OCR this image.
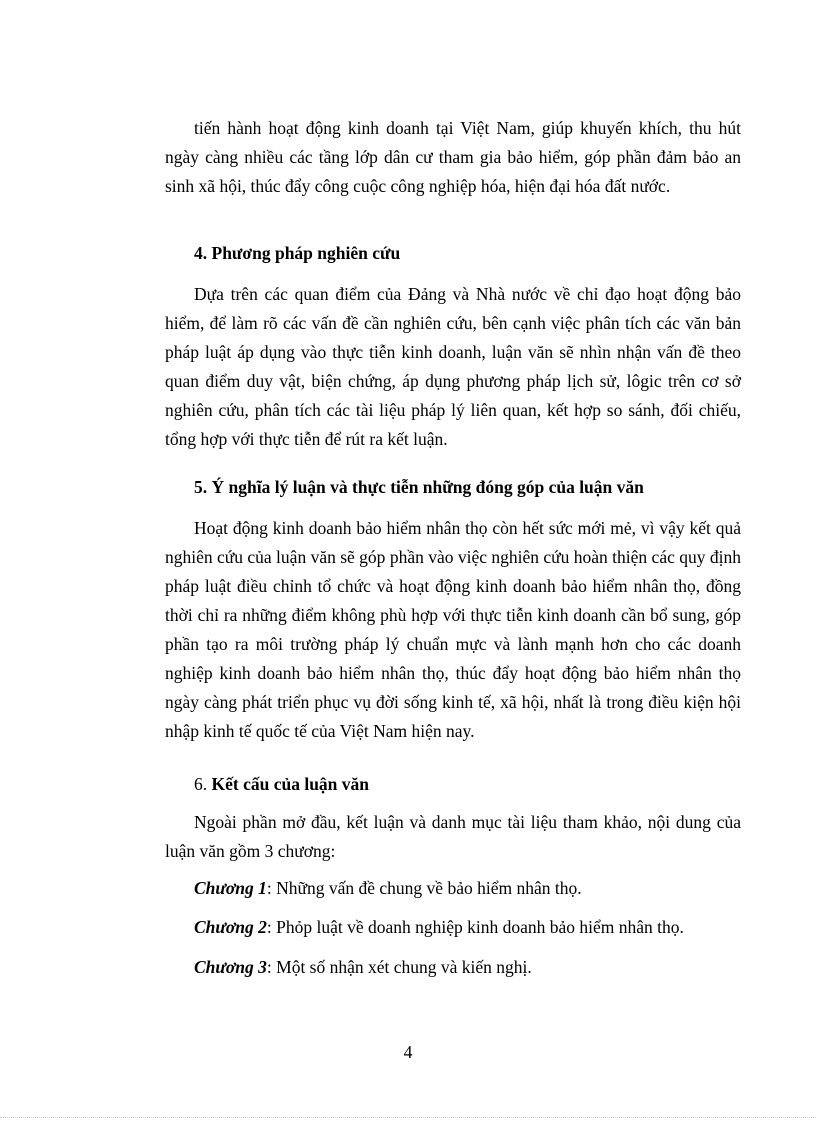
tiến hành hoạt động kinh doanh tại Việt Nam, giúp khuyến khích, thu hút ngày càng nhiều các tầng lớp dân cư tham gia bảo hiểm, góp phần đảm bảo an sinh xã hội, thúc đẩy công cuộc công nghiệp hóa, hiện đại hóa đất nước.

4. Phương pháp nghiên cứu

Dựa trên các quan điểm của Đảng và Nhà nước về chỉ đạo hoạt động bảo hiểm, để làm rõ các vấn đề cần nghiên cứu, bên cạnh việc phân tích các văn bản pháp luật áp dụng vào thực tiễn kinh doanh, luận văn sẽ nhìn nhận vấn đề theo quan điểm duy vật, biện chứng, áp dụng phương pháp lịch sử, lôgic trên cơ sở nghiên cứu, phân tích các tài liệu pháp lý liên quan, kết hợp so sánh, đối chiếu, tổng hợp với thực tiễn để rút ra kết luận.

5. Ý nghĩa lý luận và thực tiễn những đóng góp của luận văn

Hoạt động kinh doanh bảo hiểm nhân thọ còn hết sức mới mẻ, vì vậy kết quả nghiên cứu của luận văn sẽ góp phần vào việc nghiên cứu hoàn thiện các quy định pháp luật điều chỉnh tổ chức và hoạt động kinh doanh bảo hiểm nhân thọ, đồng thời chỉ ra những điểm không phù hợp với thực tiễn kinh doanh cần bổ sung, góp phần tạo ra môi trường pháp lý chuẩn mực và lành mạnh hơn cho các doanh nghiệp kinh doanh bảo hiểm nhân thọ, thúc đẩy hoạt động bảo hiểm nhân thọ ngày càng phát triển phục vụ đời sống kinh tế, xã hội, nhất là trong điều kiện hội nhập kinh tế quốc tế của Việt Nam hiện nay.

6. Kết cấu của luận văn

Ngoài phần mở đầu, kết luận và danh mục tài liệu tham khảo, nội dung của luận văn gồm 3 chương:

Chương 1: Những vấn đề chung về bảo hiểm nhân thọ.

Chương 2: Phỏp luật về doanh nghiệp kinh doanh bảo hiểm nhân thọ.

Chương 3: Một số nhận xét chung và kiến nghị.

4
